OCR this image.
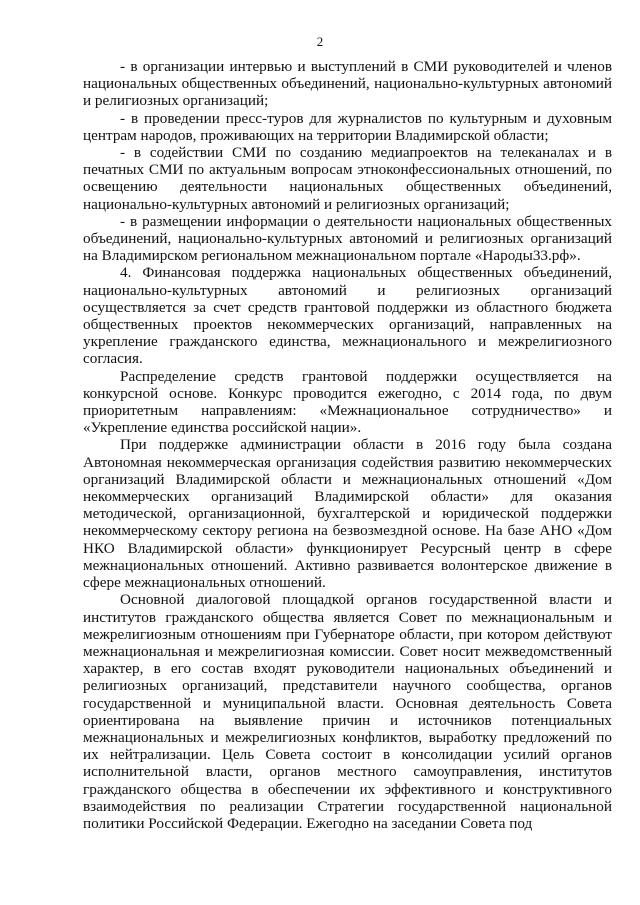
2

- в организации интервью и выступлений в СМИ руководителей и членов национальных общественных объединений, национально-культурных автономий и религиозных организаций;

- в проведении пресс-туров для журналистов по культурным и духовным центрам народов, проживающих на территории Владимирской области;

- в содействии СМИ по созданию медиапроектов на телеканалах и в печатных СМИ по актуальным вопросам этноконфессиональных отношений, по освещению деятельности национальных общественных объединений, национально-культурных автономий и религиозных организаций;

- в размещении информации о деятельности национальных общественных объединений, национально-культурных автономий и религиозных организаций на Владимирском региональном межнациональном портале «Народы33.рф».

4. Финансовая поддержка национальных общественных объединений, национально-культурных автономий и религиозных организаций осуществляется за счет средств грантовой поддержки из областного бюджета общественных проектов некоммерческих организаций, направленных на укрепление гражданского единства, межнационального и межрелигиозного согласия.

Распределение средств грантовой поддержки осуществляется на конкурсной основе. Конкурс проводится ежегодно, с 2014 года, по двум приоритетным направлениям: «Межнациональное сотрудничество» и «Укрепление единства российской нации».

При поддержке администрации области в 2016 году была создана Автономная некоммерческая организация содействия развитию некоммерческих организаций Владимирской области и межнациональных отношений «Дом некоммерческих организаций Владимирской области» для оказания методической, организационной, бухгалтерской и юридической поддержки некоммерческому сектору региона на безвозмездной основе. На базе АНО «Дом НКО Владимирской области» функционирует Ресурсный центр в сфере межнациональных отношений. Активно развивается волонтерское движение в сфере межнациональных отношений.

Основной диалоговой площадкой органов государственной власти и институтов гражданского общества является Совет по межнациональным и межрелигиозным отношениям при Губернаторе области, при котором действуют межнациональная и межрелигиозная комиссии. Совет носит межведомственный характер, в его состав входят руководители национальных объединений и религиозных организаций, представители научного сообщества, органов государственной и муниципальной власти. Основная деятельность Совета ориентирована на выявление причин и источников потенциальных межнациональных и межрелигиозных конфликтов, выработку предложений по их нейтрализации. Цель Совета состоит в консолидации усилий органов исполнительной власти, органов местного самоуправления, институтов гражданского общества в обеспечении их эффективного и конструктивного взаимодействия по реализации Стратегии государственной национальной политики Российской Федерации. Ежегодно на заседании Совета под
